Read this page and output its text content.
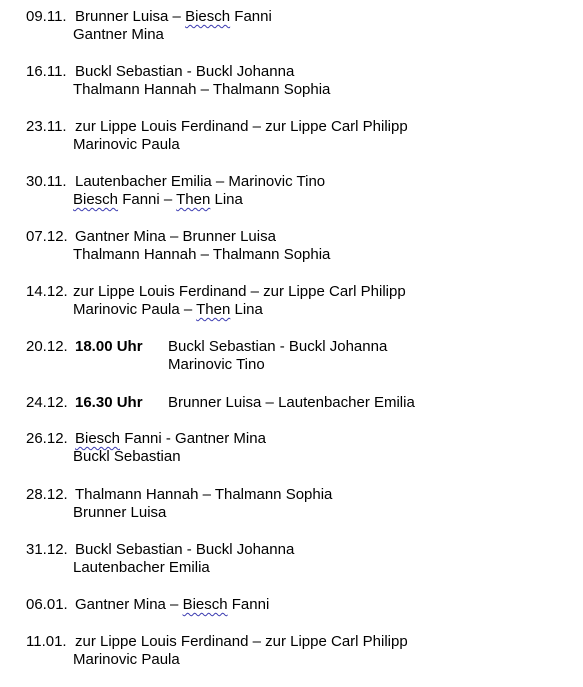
09.11. Brunner Luisa – Biesch Fanni
Gantner Mina
16.11. Buckl Sebastian - Buckl Johanna
Thalmann Hannah – Thalmann Sophia
23.11. zur Lippe Louis Ferdinand – zur Lippe Carl Philipp
Marinovic Paula
30.11. Lautenbacher Emilia – Marinovic Tino
Biesch Fanni – Then Lina
07.12. Gantner Mina – Brunner Luisa
Thalmann Hannah – Thalmann Sophia
14.12. zur Lippe Louis Ferdinand – zur Lippe Carl Philipp
Marinovic Paula – Then Lina
20.12. 18.00 Uhr Buckl Sebastian - Buckl Johanna
Marinovic Tino
24.12. 16.30 Uhr Brunner Luisa – Lautenbacher Emilia
26.12. Biesch Fanni - Gantner Mina
Buckl Sebastian
28.12. Thalmann Hannah – Thalmann Sophia
Brunner Luisa
31.12. Buckl Sebastian - Buckl Johanna
Lautenbacher Emilia
06.01. Gantner Mina – Biesch Fanni
11.01. zur Lippe Louis Ferdinand – zur Lippe Carl Philipp
Marinovic Paula
